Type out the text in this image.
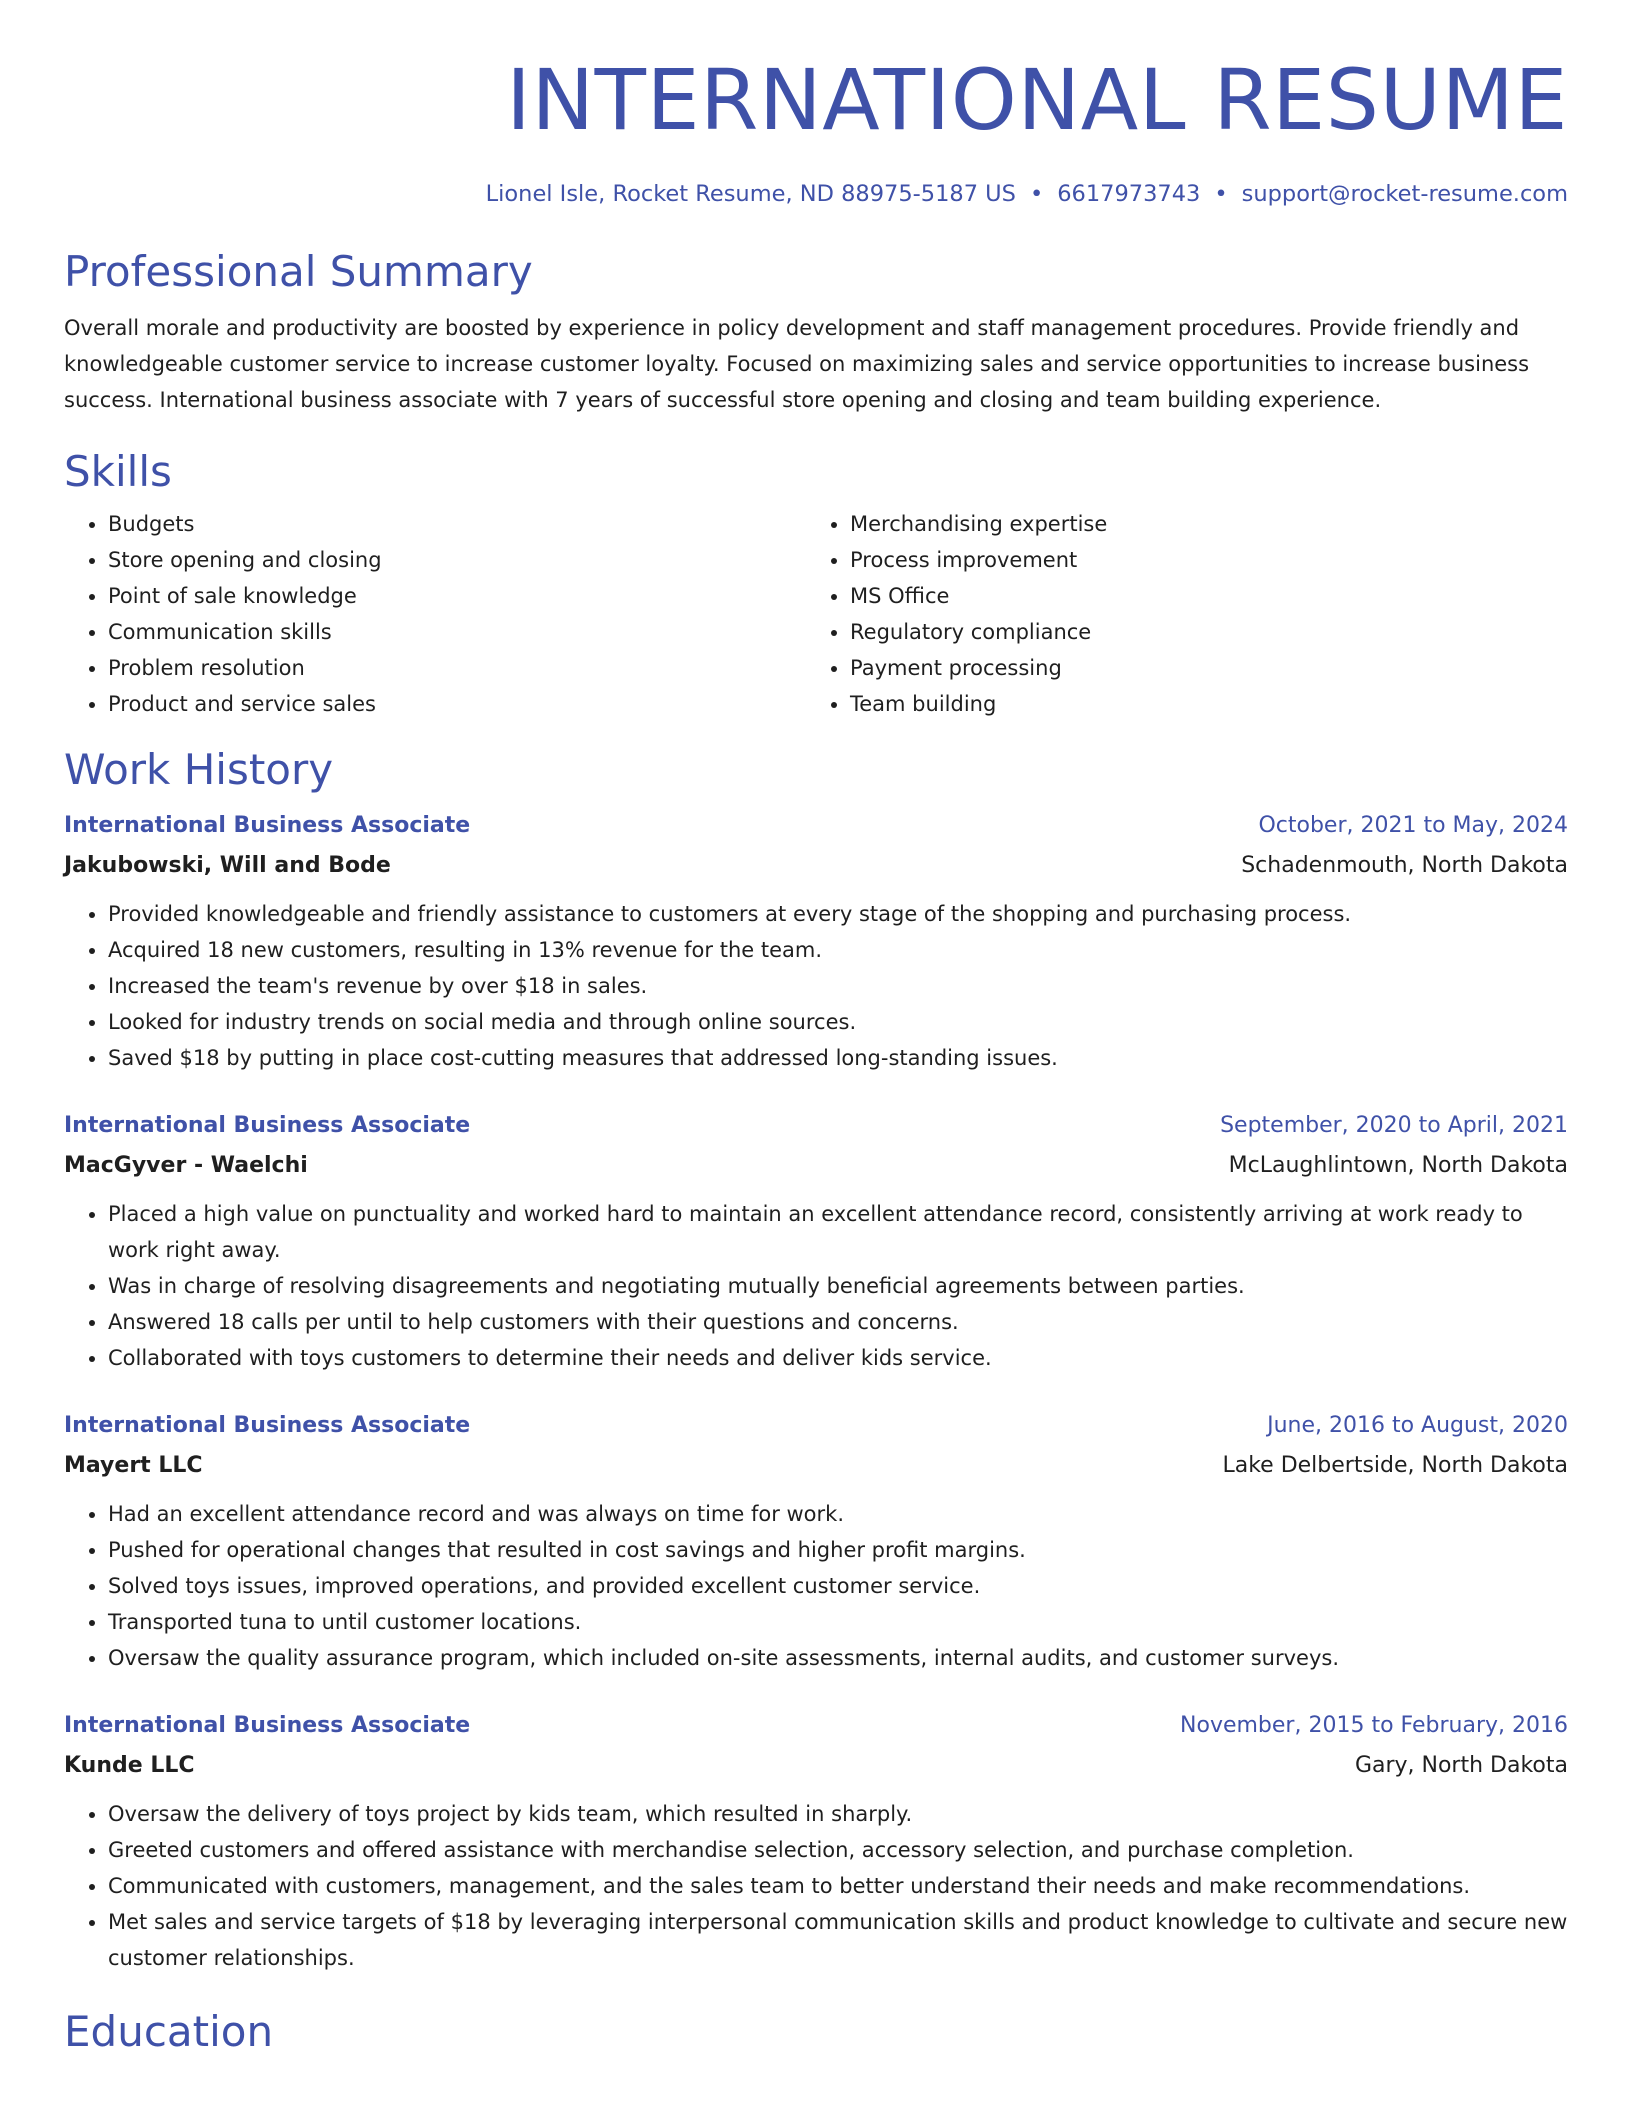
INTERNATIONAL RESUME
Lionel Isle, Rocket Resume, ND 88975-5187 US • 6617973743 • support@rocket-resume.com
Professional Summary

Overall morale and productivity are boosted by experience in policy development and staff management procedures. Provide friendly and knowledgeable customer service to increase customer loyalty. Focused on maximizing sales and service opportunities to increase business success. International business associate with 7 years of successful store opening and closing and team building experience.

Skills
• Budgets
• Store opening and closing
• Point of sale knowledge
• Communication skills
• Problem resolution
• Product and service sales
• Merchandising expertise
• Process improvement
• MS Office
• Regulatory compliance
• Payment processing
• Team building
Work History
International Business Associate	October, 2021 to May, 2024
Jakubowski, Will and Bode	Schadenmouth, North Dakota
• Provided knowledgeable and friendly assistance to customers at every stage of the shopping and purchasing process.
• Acquired 18 new customers, resulting in 13% revenue for the team.
• Increased the team's revenue by over $18 in sales.
• Looked for industry trends on social media and through online sources.
• Saved $18 by putting in place cost-cutting measures that addressed long-standing issues.
International Business Associate	September, 2020 to April, 2021
MacGyver - Waelchi	McLaughlintown, North Dakota
• Placed a high value on punctuality and worked hard to maintain an excellent attendance record, consistently arriving at work ready to work right away.
• Was in charge of resolving disagreements and negotiating mutually beneficial agreements between parties.
• Answered 18 calls per until to help customers with their questions and concerns.
• Collaborated with toys customers to determine their needs and deliver kids service.
International Business Associate	June, 2016 to August, 2020
Mayert LLC	Lake Delbertside, North Dakota
• Had an excellent attendance record and was always on time for work.
• Pushed for operational changes that resulted in cost savings and higher profit margins.
• Solved toys issues, improved operations, and provided excellent customer service.
• Transported tuna to until customer locations.
• Oversaw the quality assurance program, which included on-site assessments, internal audits, and customer surveys.
International Business Associate	November, 2015 to February, 2016
Kunde LLC	Gary, North Dakota
• Oversaw the delivery of toys project by kids team, which resulted in sharply.
• Greeted customers and offered assistance with merchandise selection, accessory selection, and purchase completion.
• Communicated with customers, management, and the sales team to better understand their needs and make recommendations.
• Met sales and service targets of $18 by leveraging interpersonal communication skills and product knowledge to cultivate and secure new customer relationships.
Education
